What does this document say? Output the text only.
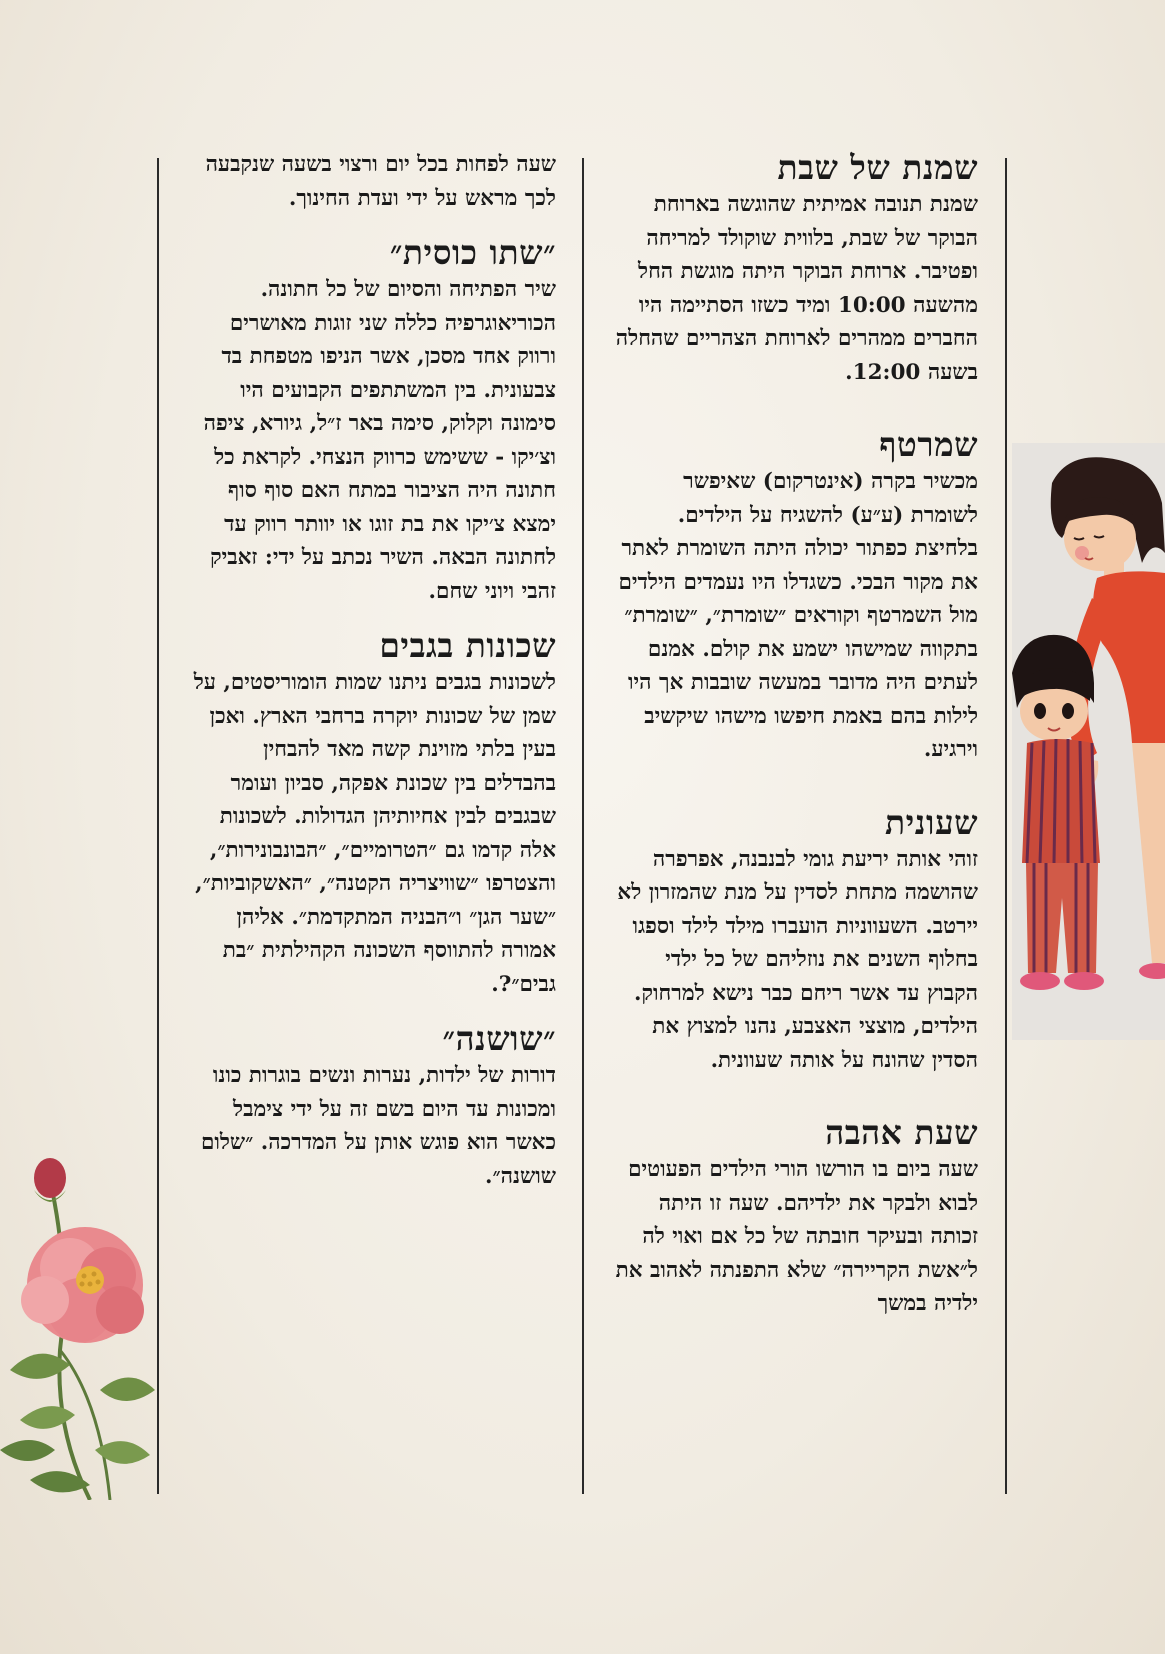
שמנת של שבת

שמנת תנובה אמיתית שהוגשה בארוחת הבוקר של שבת, בלווית שוקולד למריחה ופטיבר. ארוחת הבוקר היתה מוגשת החל מהשעה 10:00 ומיד כשזו הסתיימה היו החברים ממהרים לארוחת הצהריים שהחלה בשעה 12:00.

שמרטף

מכשיר בקרה (אינטרקום) שאיפשר לשומרת (ע״ע) להשגיח על הילדים. בלחיצת כפתור יכולה היתה השומרת לאתר את מקור הבכי. כשגדלו היו נעמדים הילדים מול השמרטף וקוראים ״שומרת״, ״שומרת״ בתקווה שמישהו ישמע את קולם. אמנם לעתים היה מדובר במעשה שובבות אך היו לילות בהם באמת חיפשו מישהו שיקשיב וירגיע.

שעונית

זוהי אותה יריעת גומי לבנבנה, אפרפרה שהושמה מתחת לסדין על מנת שהמזרון לא יירטב. השעווניות הועברו מילד לילד וספגו בחלוף השנים את נוזליהם של כל ילדי הקבוץ עד אשר ריחם כבר נישא למרחוק. הילדים, מוצצי האצבע, נהנו למצוץ את הסדין שהונח על אותה שעוונית.

שעת אהבה

שעה ביום בו הורשו הורי הילדים הפעוטים לבוא ולבקר את ילדיהם. שעה זו היתה זכותה ובעיקר חובתה של כל אם ואוי לה ל״אשת הקריירה״ שלא התפנתה לאהוב את ילדיה במשך

שעה לפחות בכל יום ורצוי בשעה שנקבעה לכך מראש על ידי ועדת החינוך.

״שתו כוסית״

שיר הפתיחה והסיום של כל חתונה. הכוריאוגרפיה כללה שני זוגות מאושרים ורווק אחד מסכן, אשר הניפו מטפחת בד צבעונית. בין המשתתפים הקבועים היו סימונה וקלוק, סימה באר ז״ל, גיורא, ציפה וצ׳יקו - ששימש כרווק הנצחי. לקראת כל חתונה היה הציבור במתח האם סוף סוף ימצא צ׳יקו את בת זוגו או יוותר רווק עד לחתונה הבאה. השיר נכתב על ידי: זאביק זהבי ויוני שחם.

שכונות בגבים

לשכונות בגבים ניתנו שמות הומוריסטים, על שמן של שכונות יוקרה ברחבי הארץ. ואכן בעין בלתי מזוינת קשה מאד להבחין בהבדלים בין שכונת אפקה, סביון ועומר שבגבים לבין אחיותיהן הגדולות. לשכונות אלה קדמו גם ״הטרומיים״, ״הבונבונירות״, והצטרפו ״שוויצריה הקטנה״, ״האשקוביות״, ״שער הגן״ ו״הבניה המתקדמת״. אליהן אמורה להתווסף השכונה הקהילתית ״בת גבים״?.

״שושנה״

דורות של ילדות, נערות ונשים בוגרות כונו ומכונות עד היום בשם זה על ידי צימבל כאשר הוא פוגש אותן על המדרכה. ״שלום שושנה״.
